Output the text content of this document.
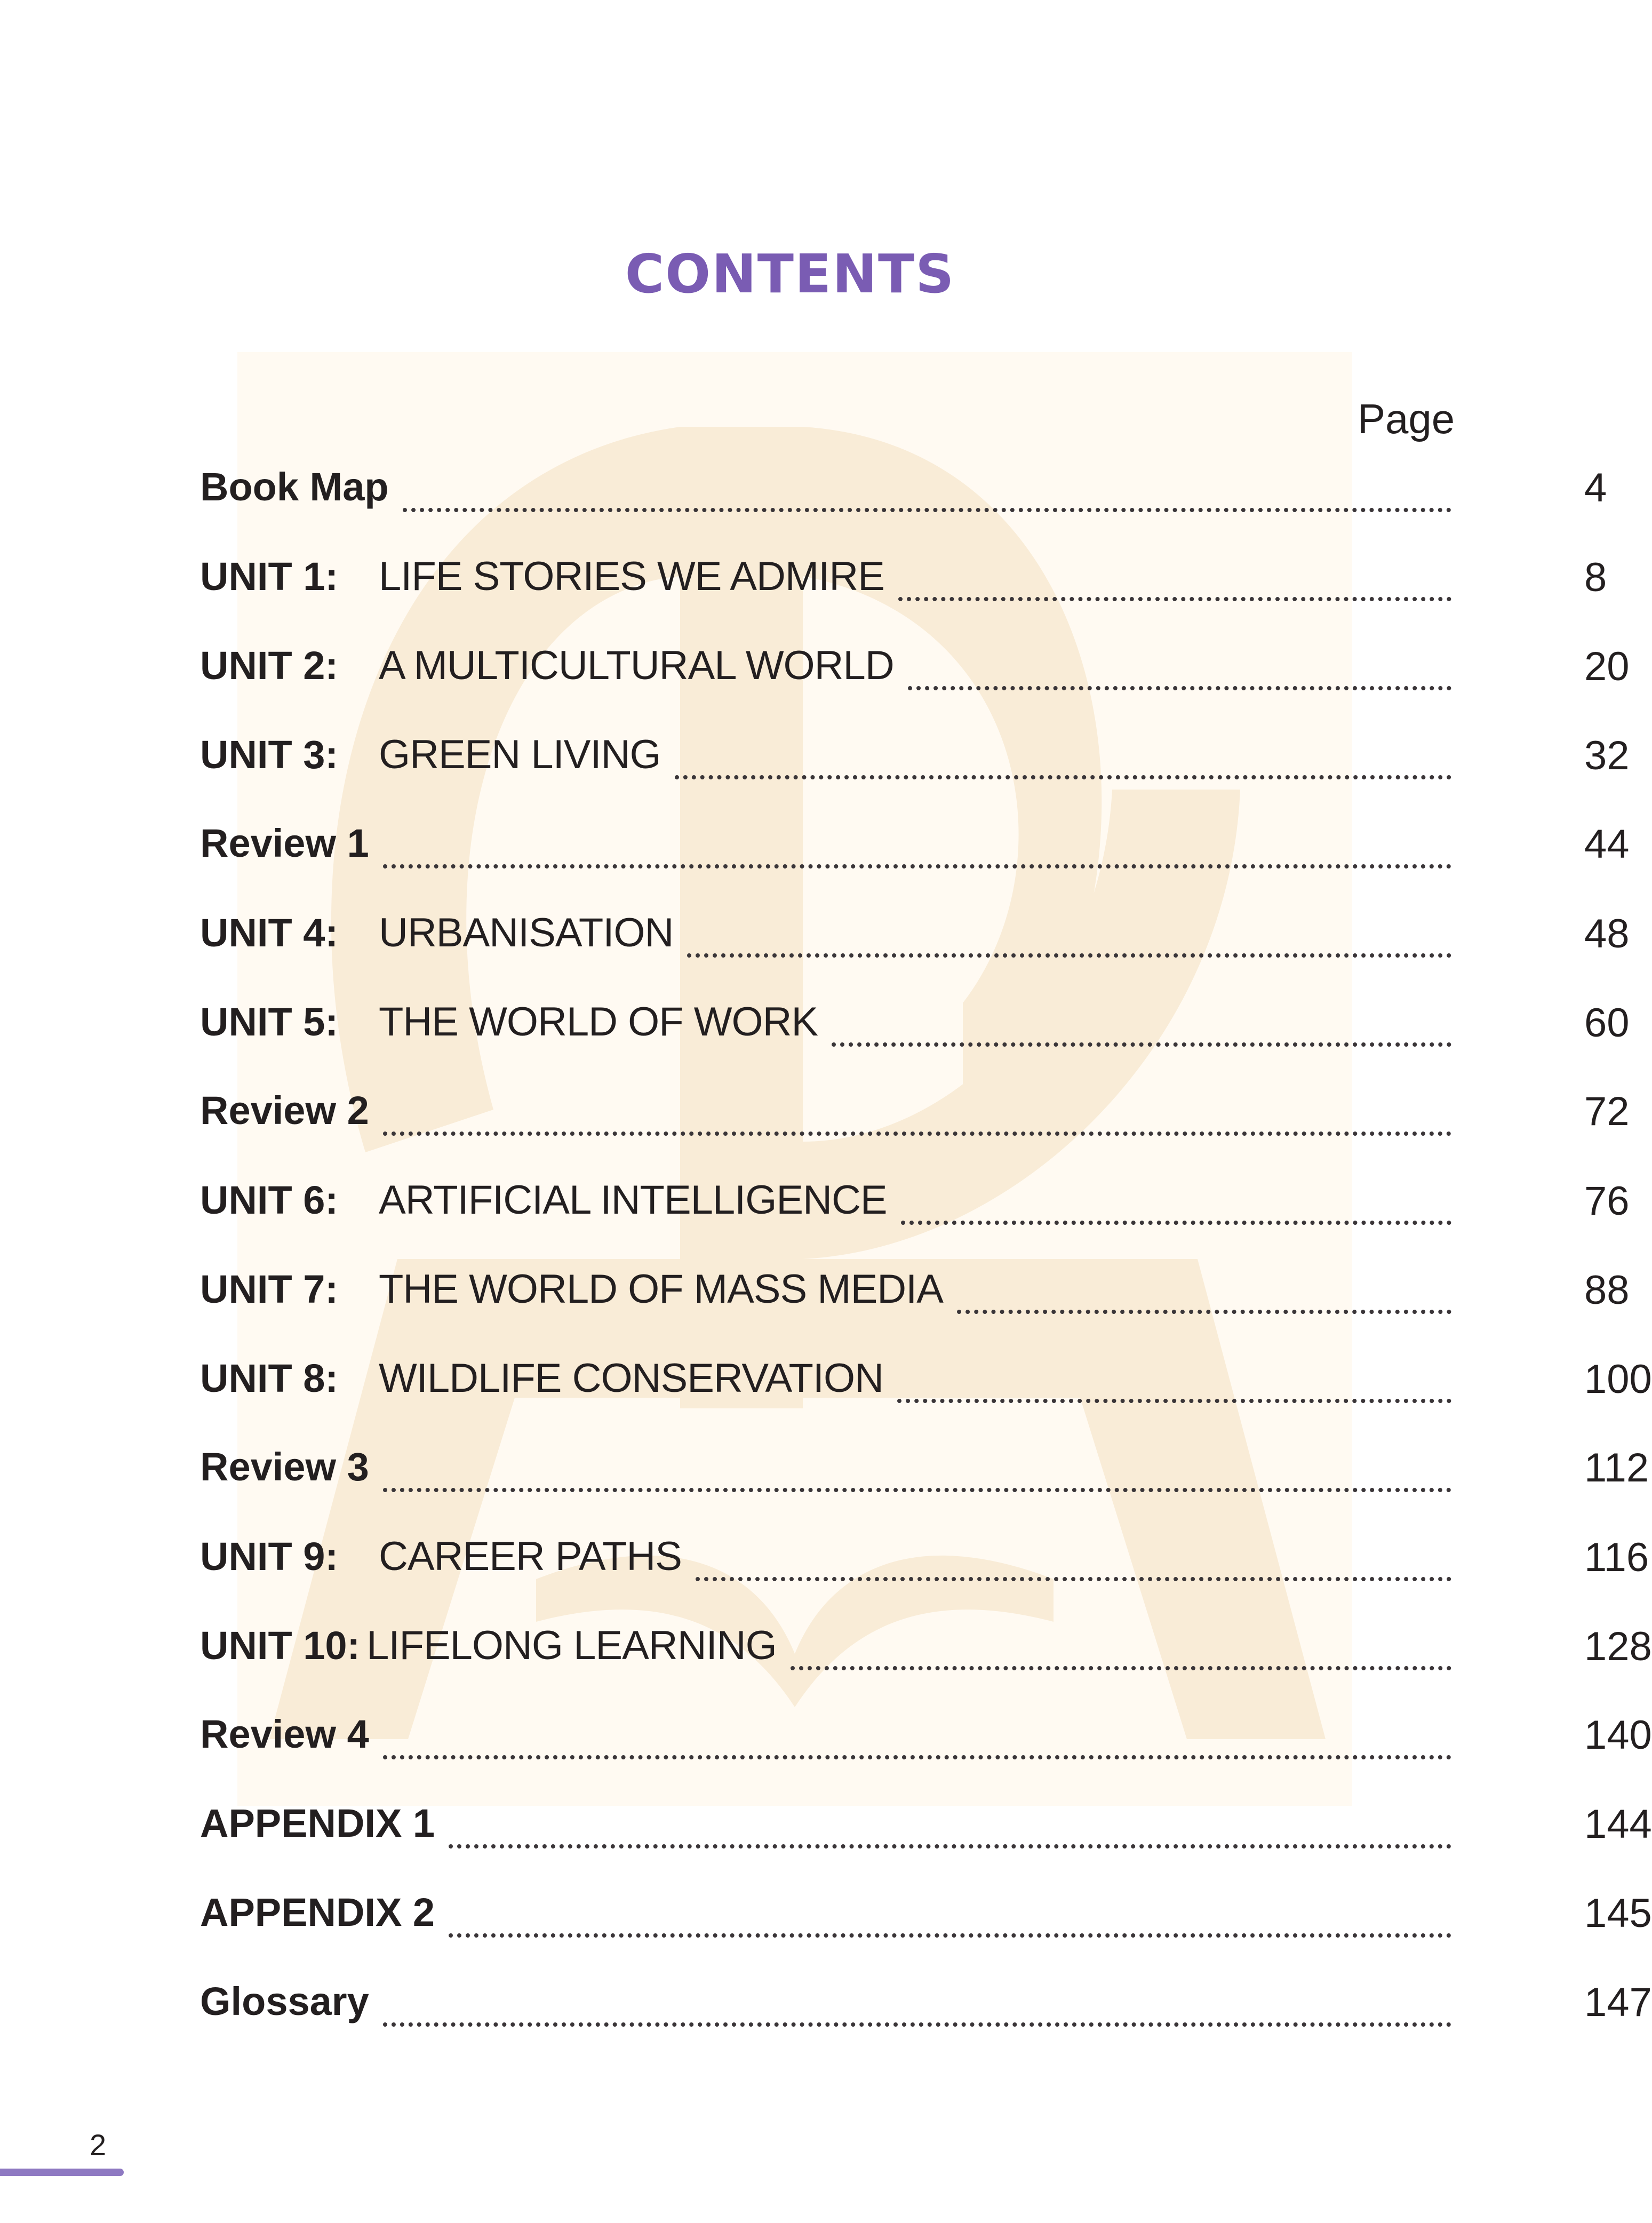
CONTENTS
Page
Book Map	4
UNIT 1:	LIFE STORIES WE ADMIRE	8
UNIT 2:	A MULTICULTURAL WORLD	20
UNIT 3:	GREEN LIVING	32
Review 1	44
UNIT 4:	URBANISATION	48
UNIT 5:	THE WORLD OF WORK	60
Review 2	72
UNIT 6:	ARTIFICIAL INTELLIGENCE	76
UNIT 7:	THE WORLD OF MASS MEDIA	88
UNIT 8:	WILDLIFE CONSERVATION	100
Review 3	112
UNIT 9:	CAREER PATHS	116
UNIT 10: LIFELONG LEARNING	128
Review 4	140
APPENDIX 1	144
APPENDIX 2	145
Glossary	147
2
